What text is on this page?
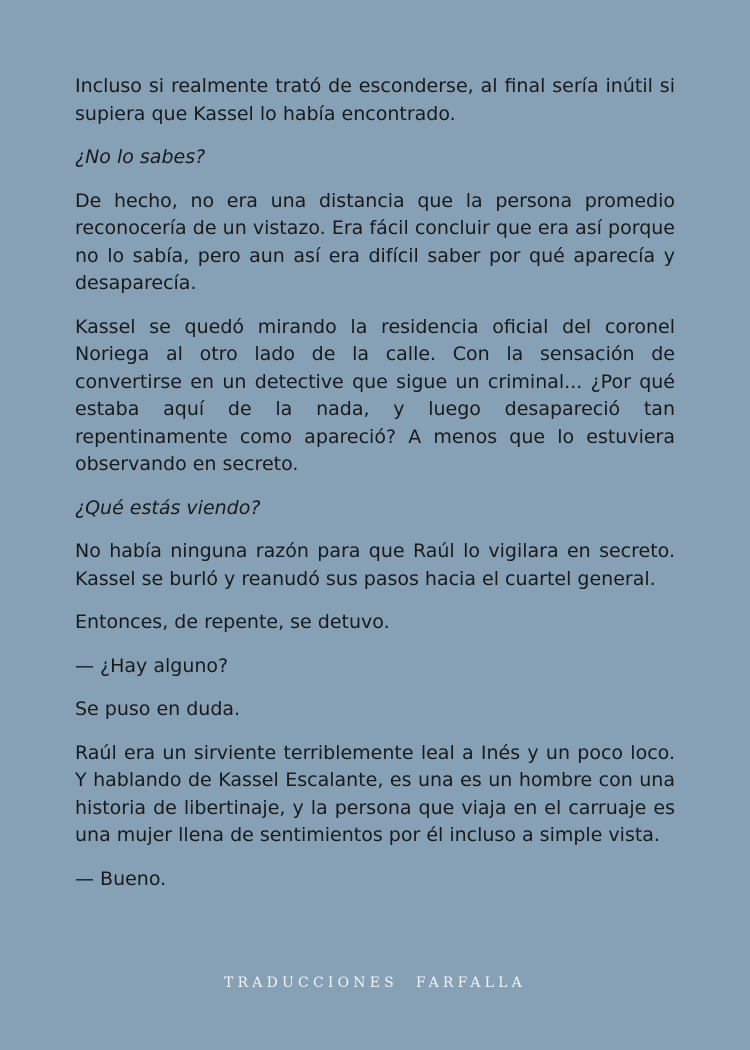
Incluso si realmente trató de esconderse, al final sería inútil si supiera que Kassel lo había encontrado.

¿No lo sabes?

De hecho, no era una distancia que la persona promedio reconocería de un vistazo. Era fácil concluir que era así porque no lo sabía, pero aun así era difícil saber por qué aparecía y desaparecía.

Kassel se quedó mirando la residencia oficial del coronel Noriega al otro lado de la calle. Con la sensación de convertirse en un detective que sigue un criminal... ¿Por qué estaba aquí de la nada, y luego desapareció tan repentinamente como apareció? A menos que lo estuviera observando en secreto.

¿Qué estás viendo?

No había ninguna razón para que Raúl lo vigilara en secreto. Kassel se burló y reanudó sus pasos hacia el cuartel general.

Entonces, de repente, se detuvo.

— ¿Hay alguno?

Se puso en duda.

Raúl era un sirviente terriblemente leal a Inés y un poco loco. Y hablando de Kassel Escalante, es una es un hombre con una historia de libertinaje, y la persona que viaja en el carruaje es una mujer llena de sentimientos por él incluso a simple vista.

— Bueno.

TRADUCCIONES FARFALLA
